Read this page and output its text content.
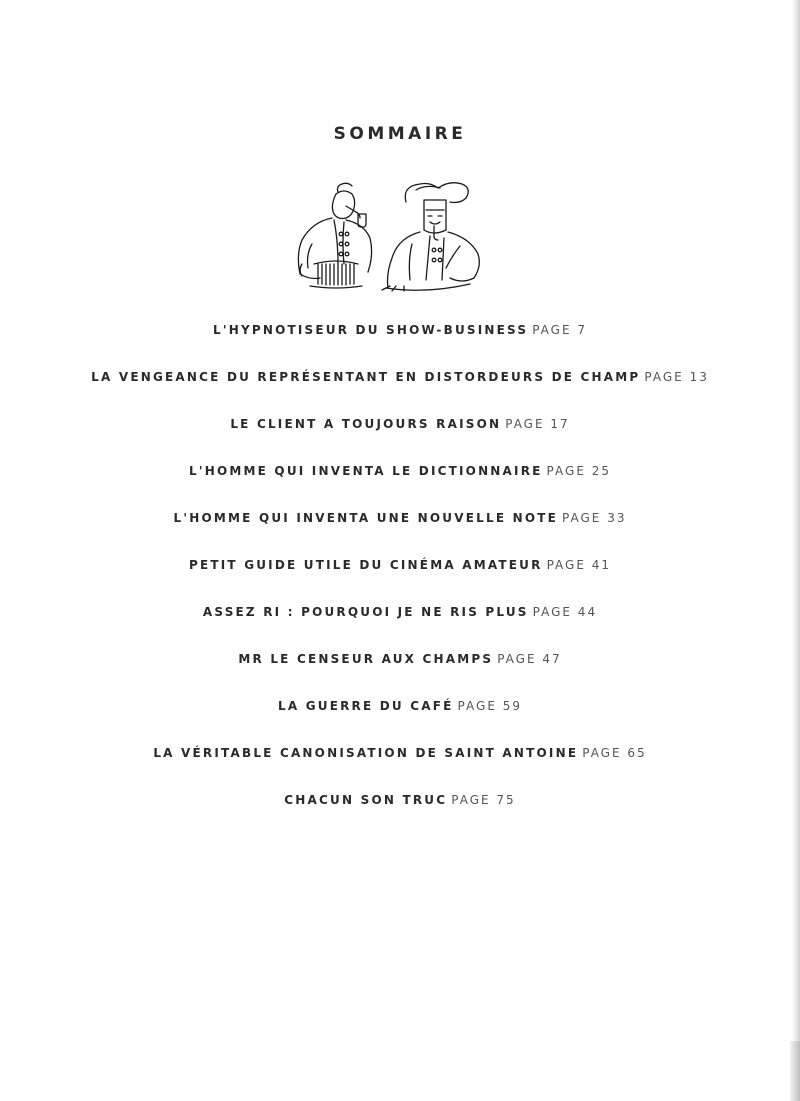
SOMMAIRE
L'HYPNOTISEUR DU SHOW-BUSINESS PAGE 7
LA VENGEANCE DU REPRÉSENTANT EN DISTORDEURS DE CHAMP PAGE 13
LE CLIENT A TOUJOURS RAISON PAGE 17
L'HOMME QUI INVENTA LE DICTIONNAIRE PAGE 25
L'HOMME QUI INVENTA UNE NOUVELLE NOTE PAGE 33
PETIT GUIDE UTILE DU CINÉMA AMATEUR PAGE 41
ASSEZ RI : POURQUOI JE NE RIS PLUS PAGE 44
MR LE CENSEUR AUX CHAMPS PAGE 47
LA GUERRE DU CAFÉ PAGE 59
LA VÉRITABLE CANONISATION DE SAINT ANTOINE PAGE 65
CHACUN SON TRUC PAGE 75
